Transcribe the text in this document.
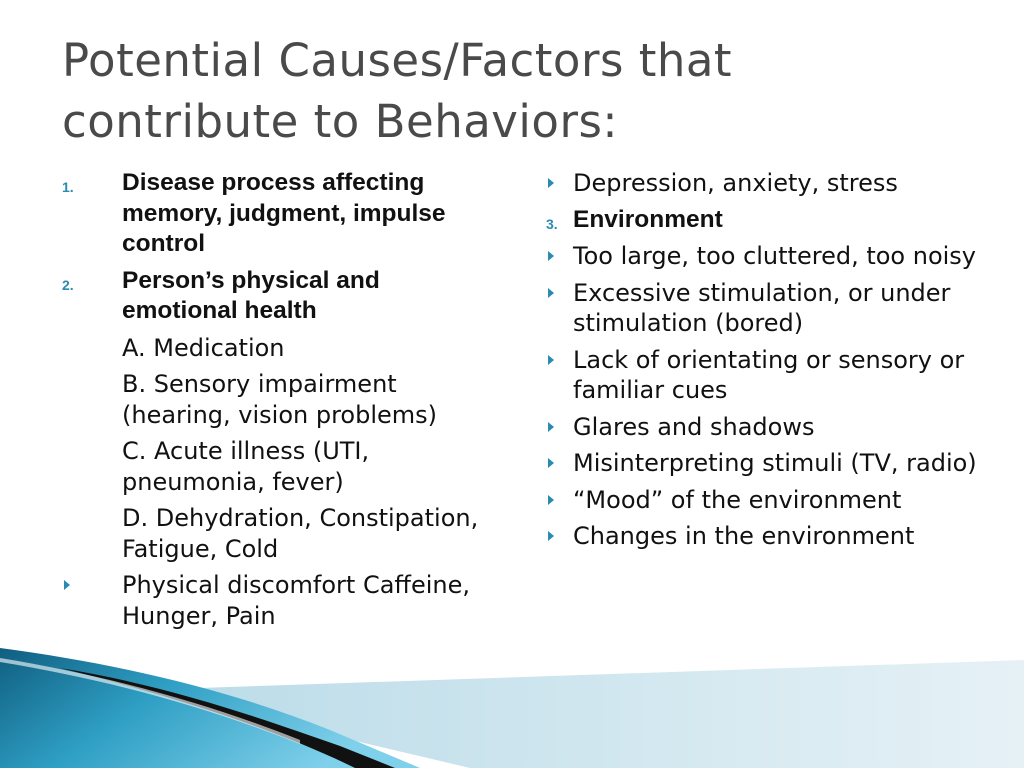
Potential Causes/Factors that contribute to Behaviors:
1. Disease process affecting memory, judgment, impulse control
2. Person’s physical and emotional health
A. Medication
B. Sensory impairment (hearing, vision problems)
C. Acute illness (UTI, pneumonia, fever)
D. Dehydration, Constipation, Fatigue, Cold
Physical discomfort Caffeine, Hunger, Pain
Depression, anxiety, stress
3. Environment
Too large, too cluttered, too noisy
Excessive stimulation, or under stimulation (bored)
Lack of orientating or sensory or familiar cues
Glares and shadows
Misinterpreting stimuli (TV, radio)
“Mood” of the environment
Changes in the environment
